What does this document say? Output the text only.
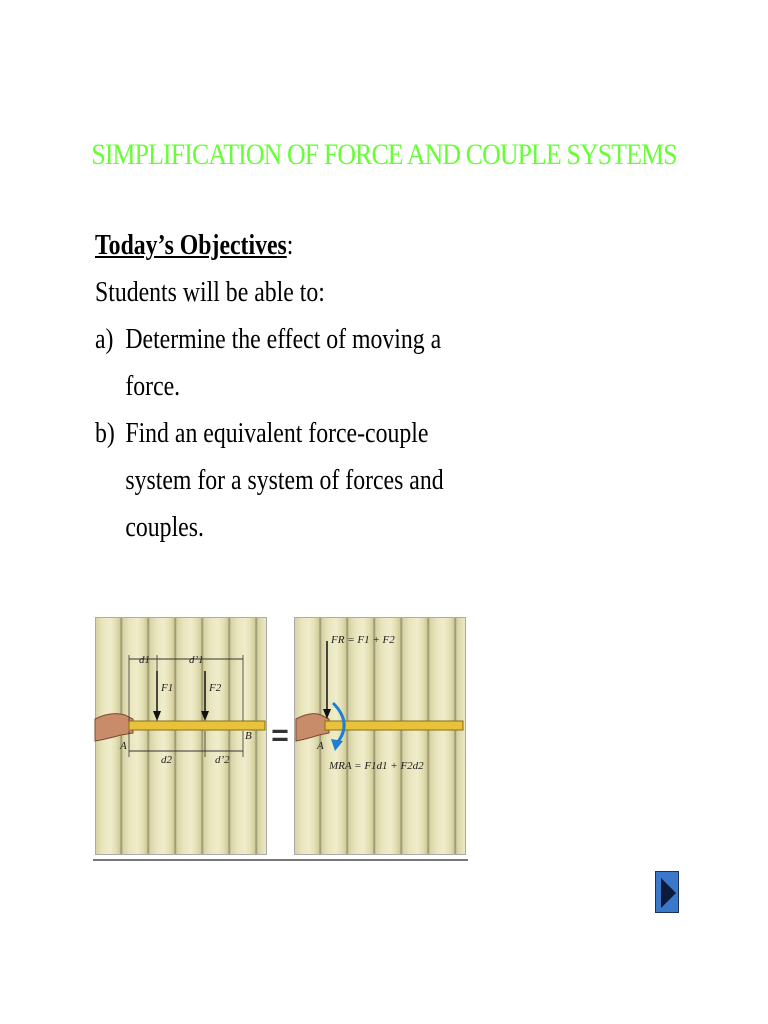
SIMPLIFICATION OF FORCE AND COUPLE SYSTEMS
Today’s Objectives:
Students will be able to:
a) Determine the effect of moving a
force.
b) Find an equivalent force-couple
system for a system of forces and
couples.
=
d1	d’1
F1	F2
A
B
d2	d’2
FR = F1 + F2
A
MRA = F1d1 + F2d2
